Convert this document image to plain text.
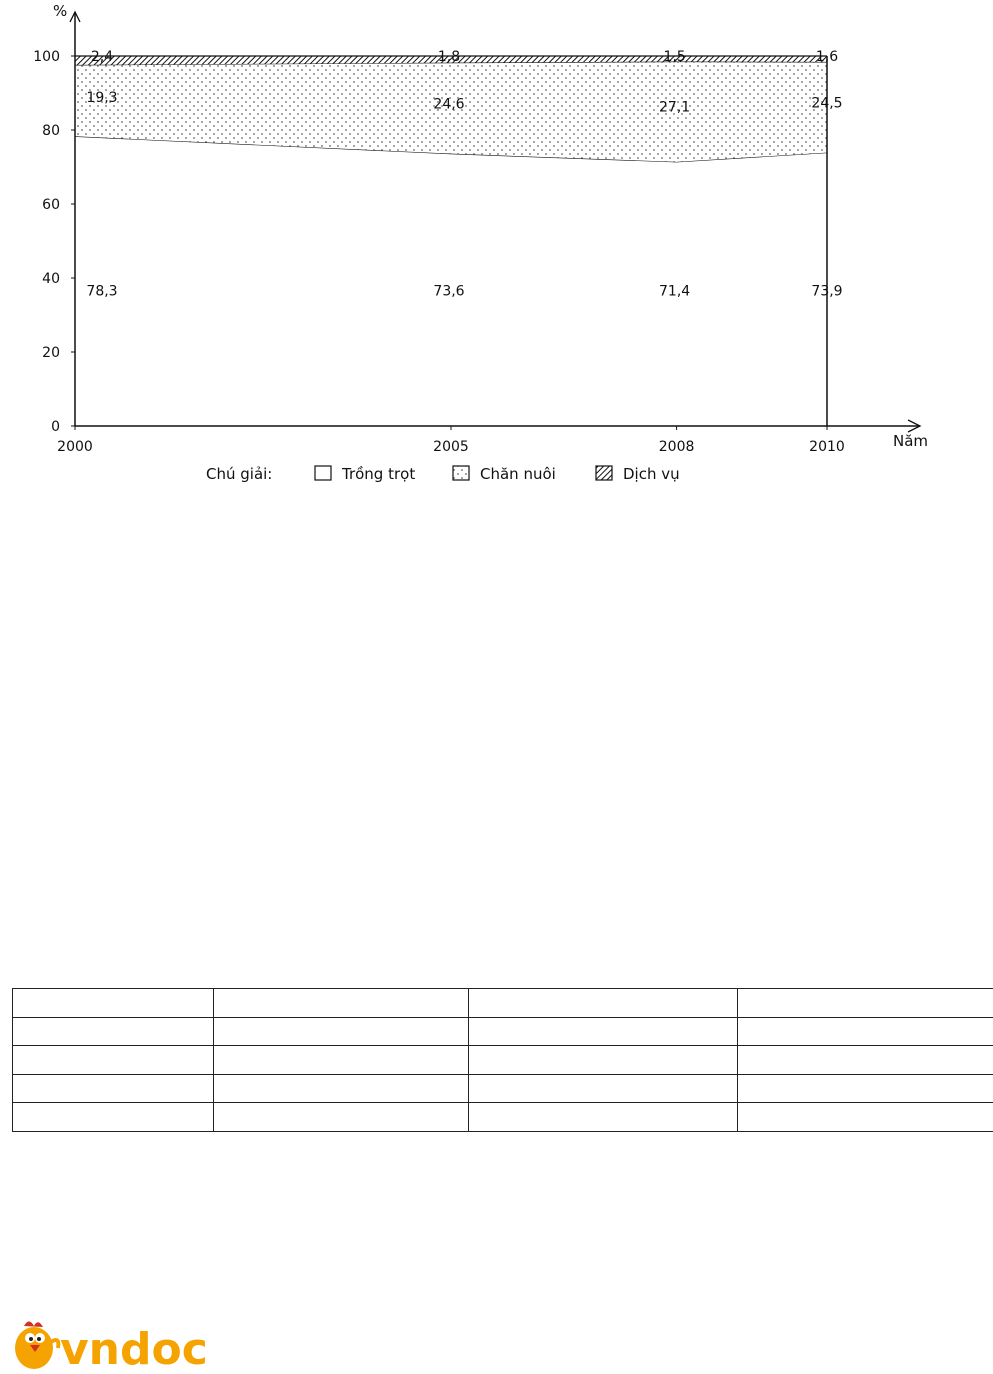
%
0
20
40
60
80
100
2000	2005	2008	2010	Năm
78,3	73,6	71,4	73,9
19,3	24,6	27,1	24,5
2,4	1,8	1,5	1,6
Chú giải:	Trồng trọt	Chăn nuôi	Dịch vụ

vndoc
